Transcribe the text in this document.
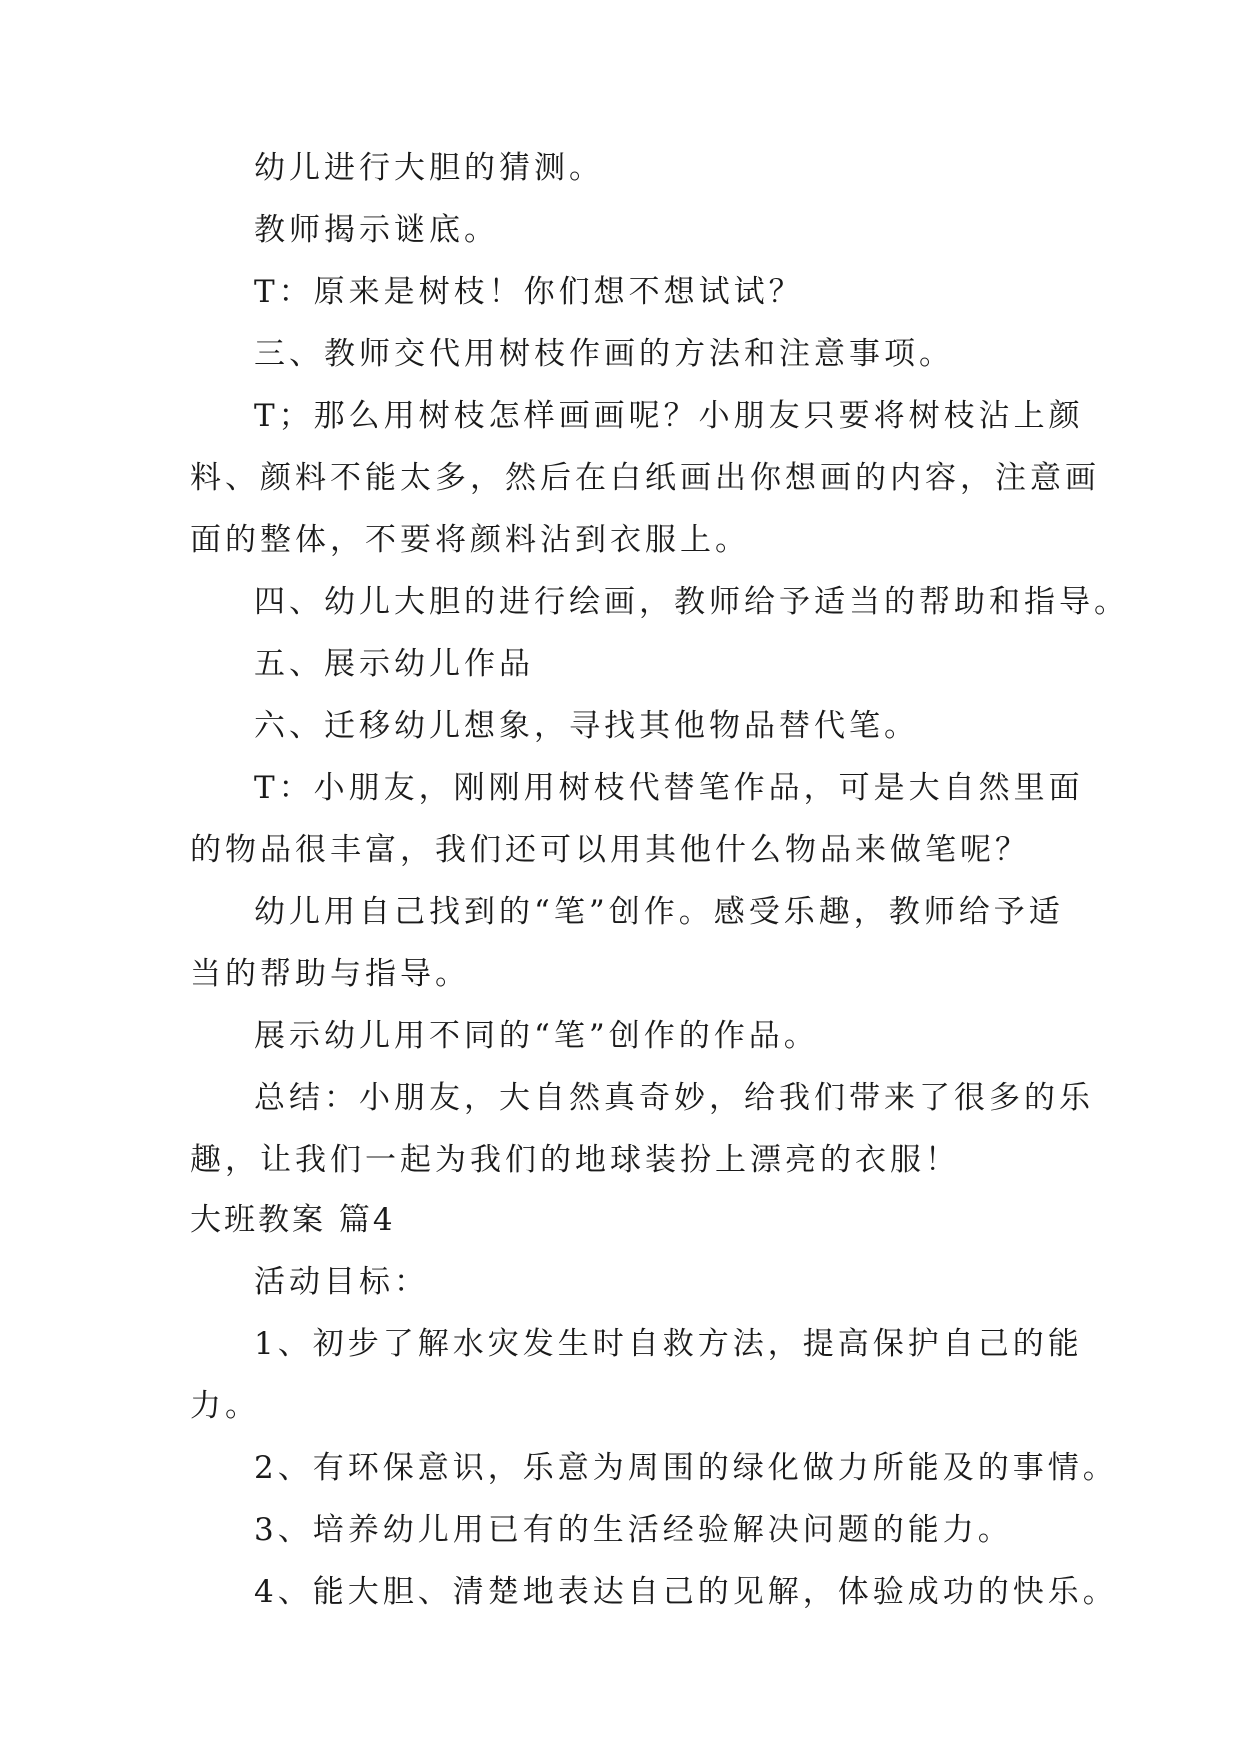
幼儿进行大胆的猜测。
教师揭示谜底。
T：原来是树枝！你们想不想试试？
三、教师交代用树枝作画的方法和注意事项。
T；那么用树枝怎样画画呢？小朋友只要将树枝沾上颜
料、颜料不能太多，然后在白纸画出你想画的内容，注意画
面的整体，不要将颜料沾到衣服上。
四、幼儿大胆的进行绘画，教师给予适当的帮助和指导。
五、展示幼儿作品
六、迁移幼儿想象，寻找其他物品替代笔。
T：小朋友，刚刚用树枝代替笔作品，可是大自然里面
的物品很丰富，我们还可以用其他什么物品来做笔呢？
幼儿用自己找到的“笔”创作。感受乐趣，教师给予适
当的帮助与指导。
展示幼儿用不同的“笔”创作的作品。
总结：小朋友，大自然真奇妙，给我们带来了很多的乐
趣，让我们一起为我们的地球装扮上漂亮的衣服！
大班教案 篇4
活动目标：
1、初步了解水灾发生时自救方法，提高保护自己的能
力。
2、有环保意识，乐意为周围的绿化做力所能及的事情。
3、培养幼儿用已有的生活经验解决问题的能力。
4、能大胆、清楚地表达自己的见解，体验成功的快乐。
